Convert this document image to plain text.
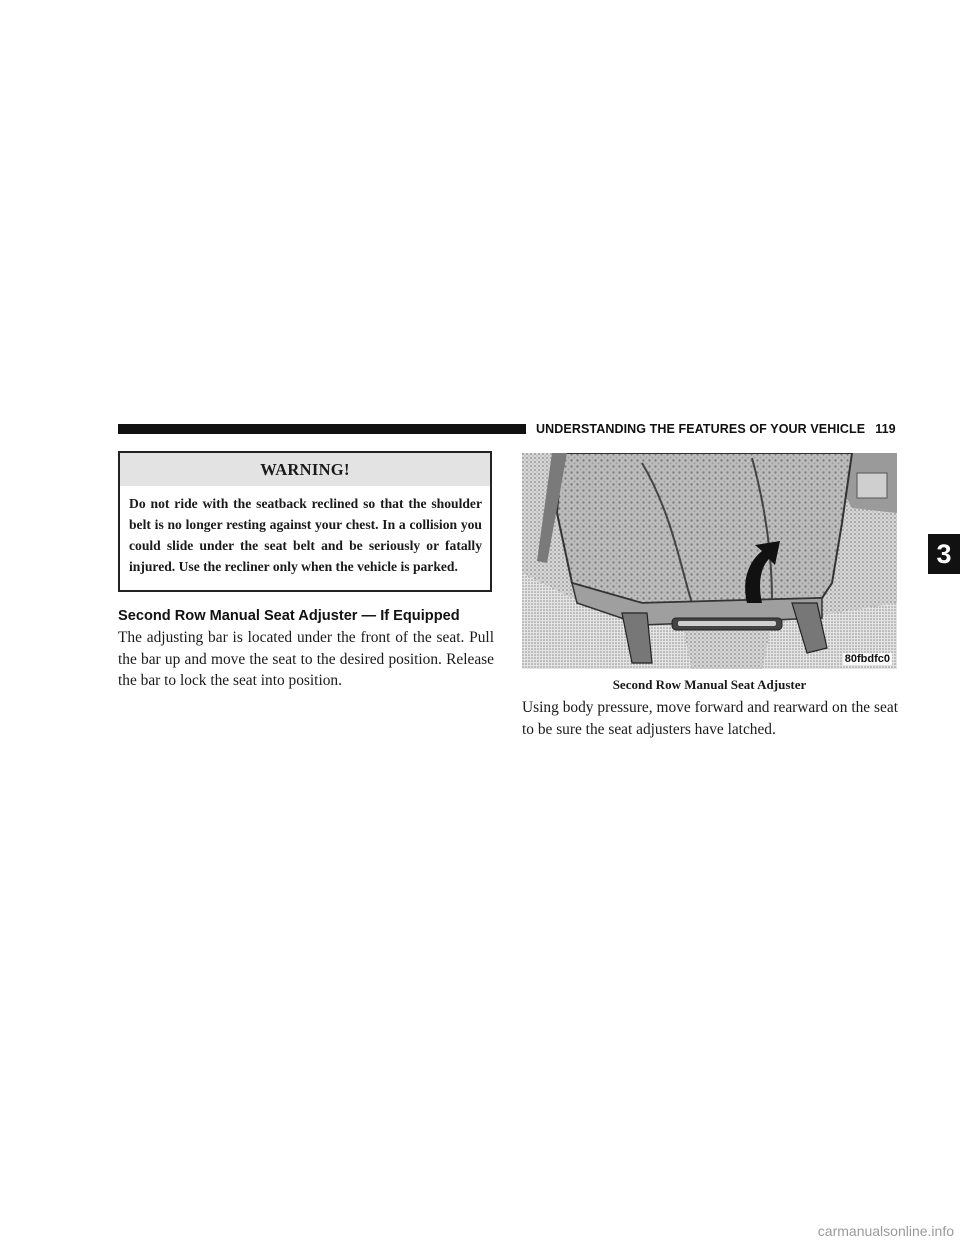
UNDERSTANDING THE FEATURES OF YOUR VEHICLE 119
3
WARNING!
Do not ride with the seatback reclined so that the shoulder belt is no longer resting against your chest. In a collision you could slide under the seat belt and be seriously or fatally injured. Use the recliner only when the vehicle is parked.
Second Row Manual Seat Adjuster — If Equipped
The adjusting bar is located under the front of the seat. Pull the bar up and move the seat to the desired position. Release the bar to lock the seat into position.
80fbdfc0
Second Row Manual Seat Adjuster
Using body pressure, move forward and rearward on the seat to be sure the seat adjusters have latched.
carmanualsonline.info
